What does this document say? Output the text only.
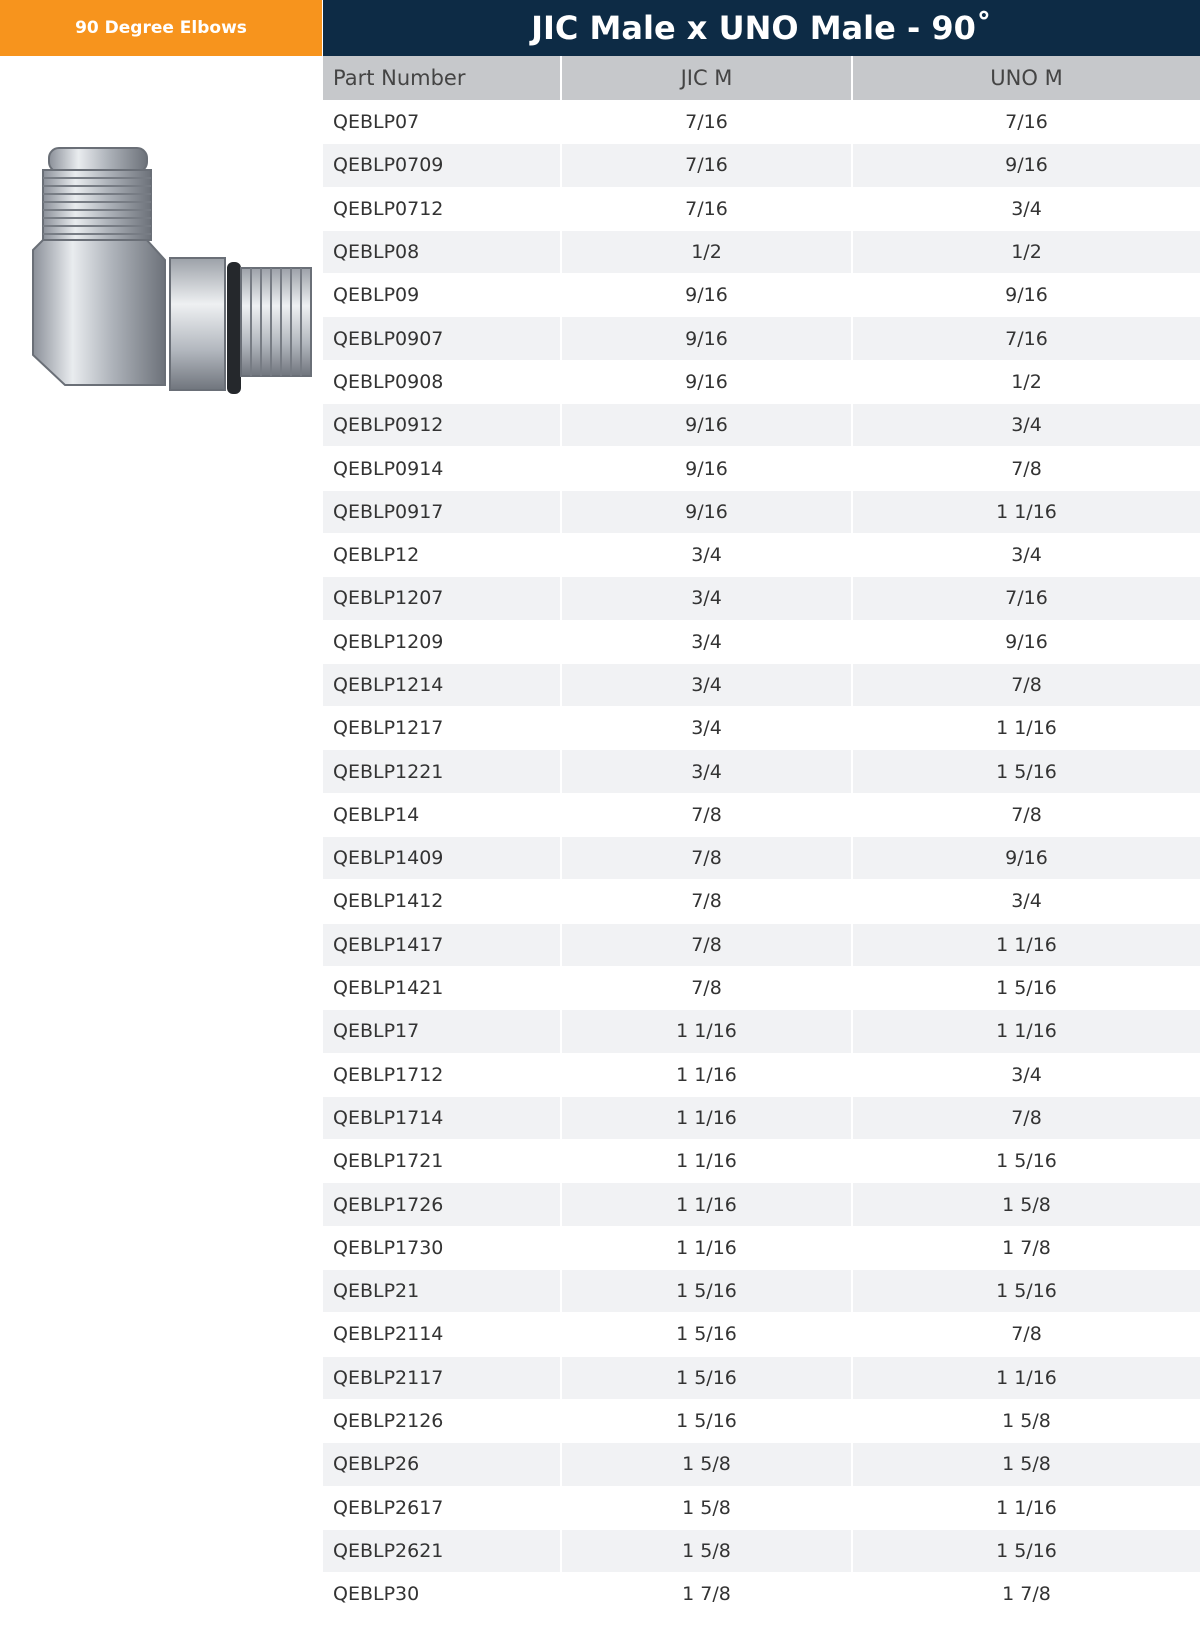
90 Degree Elbows	JIC Male x UNO Male - 90˚
Part Number	JIC M	UNO M
QEBLP07	7/16	7/16
QEBLP0709	7/16	9/16
QEBLP0712	7/16	3/4
QEBLP08	1/2	1/2
QEBLP09	9/16	9/16
QEBLP0907	9/16	7/16
QEBLP0908	9/16	1/2
QEBLP0912	9/16	3/4
QEBLP0914	9/16	7/8
QEBLP0917	9/16	1 1/16
QEBLP12	3/4	3/4
QEBLP1207	3/4	7/16
QEBLP1209	3/4	9/16
QEBLP1214	3/4	7/8
QEBLP1217	3/4	1 1/16
QEBLP1221	3/4	1 5/16
QEBLP14	7/8	7/8
QEBLP1409	7/8	9/16
QEBLP1412	7/8	3/4
QEBLP1417	7/8	1 1/16
QEBLP1421	7/8	1 5/16
QEBLP17	1 1/16	1 1/16
QEBLP1712	1 1/16	3/4
QEBLP1714	1 1/16	7/8
QEBLP1721	1 1/16	1 5/16
QEBLP1726	1 1/16	1 5/8
QEBLP1730	1 1/16	1 7/8
QEBLP21	1 5/16	1 5/16
QEBLP2114	1 5/16	7/8
QEBLP2117	1 5/16	1 1/16
QEBLP2126	1 5/16	1 5/8
QEBLP26	1 5/8	1 5/8
QEBLP2617	1 5/8	1 1/16
QEBLP2621	1 5/8	1 5/16
QEBLP30	1 7/8	1 7/8
